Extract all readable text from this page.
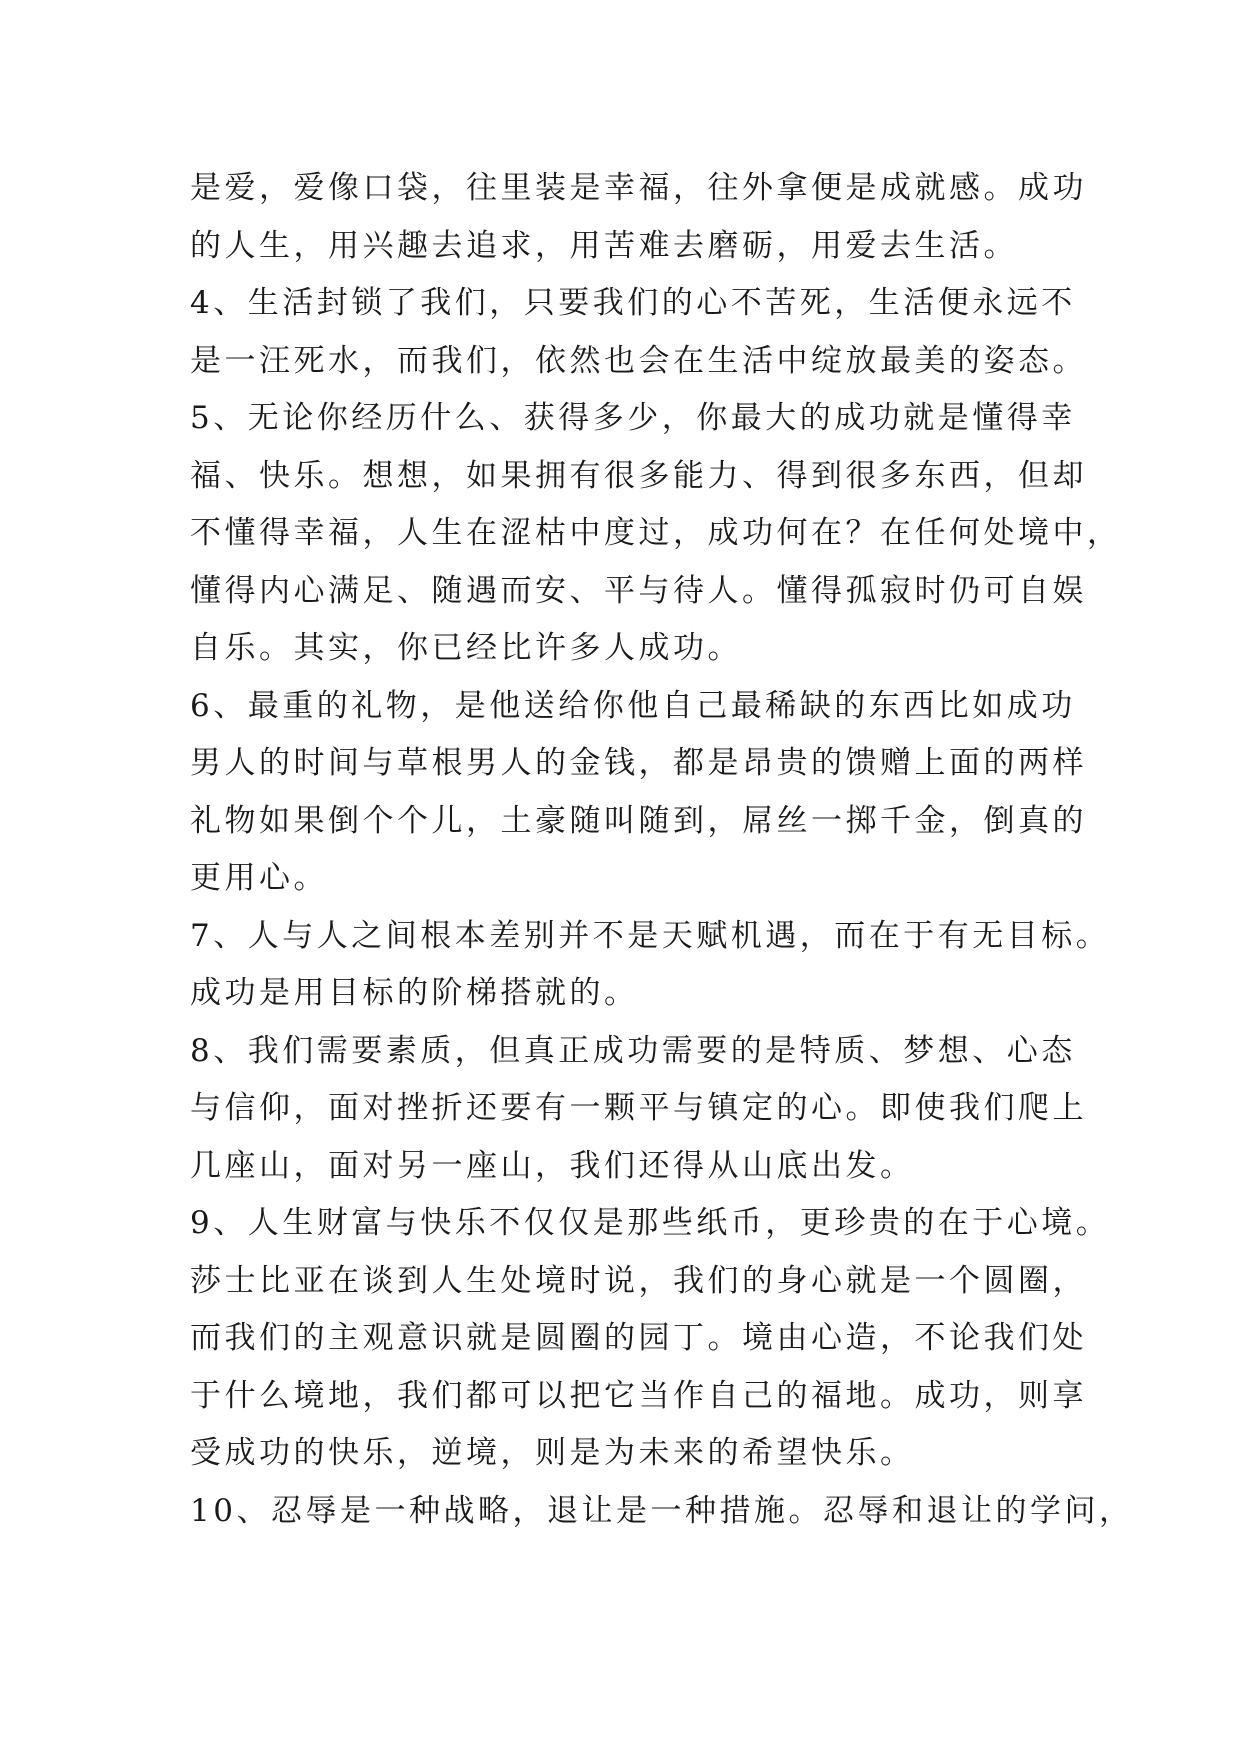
是爱，爱像口袋，往里装是幸福，往外拿便是成就感。成功
的人生，用兴趣去追求，用苦难去磨砺，用爱去生活。
4、生活封锁了我们，只要我们的心不苦死，生活便永远不
是一汪死水，而我们，依然也会在生活中绽放最美的姿态。
5、无论你经历什么、获得多少，你最大的成功就是懂得幸
福、快乐。想想，如果拥有很多能力、得到很多东西，但却
不懂得幸福，人生在涩枯中度过，成功何在？在任何处境中，
懂得内心满足、随遇而安、平与待人。懂得孤寂时仍可自娱
自乐。其实，你已经比许多人成功。
6、最重的礼物，是他送给你他自己最稀缺的东西比如成功
男人的时间与草根男人的金钱，都是昂贵的馈赠上面的两样
礼物如果倒个个儿，土豪随叫随到，屌丝一掷千金，倒真的
更用心。
7、人与人之间根本差别并不是天赋机遇，而在于有无目标。
成功是用目标的阶梯搭就的。
8、我们需要素质，但真正成功需要的是特质、梦想、心态
与信仰，面对挫折还要有一颗平与镇定的心。即使我们爬上
几座山，面对另一座山，我们还得从山底出发。
9、人生财富与快乐不仅仅是那些纸币，更珍贵的在于心境。
莎士比亚在谈到人生处境时说，我们的身心就是一个圆圈，
而我们的主观意识就是圆圈的园丁。境由心造，不论我们处
于什么境地，我们都可以把它当作自己的福地。成功，则享
受成功的快乐，逆境，则是为未来的希望快乐。
10、忍辱是一种战略，退让是一种措施。忍辱和退让的学问，
